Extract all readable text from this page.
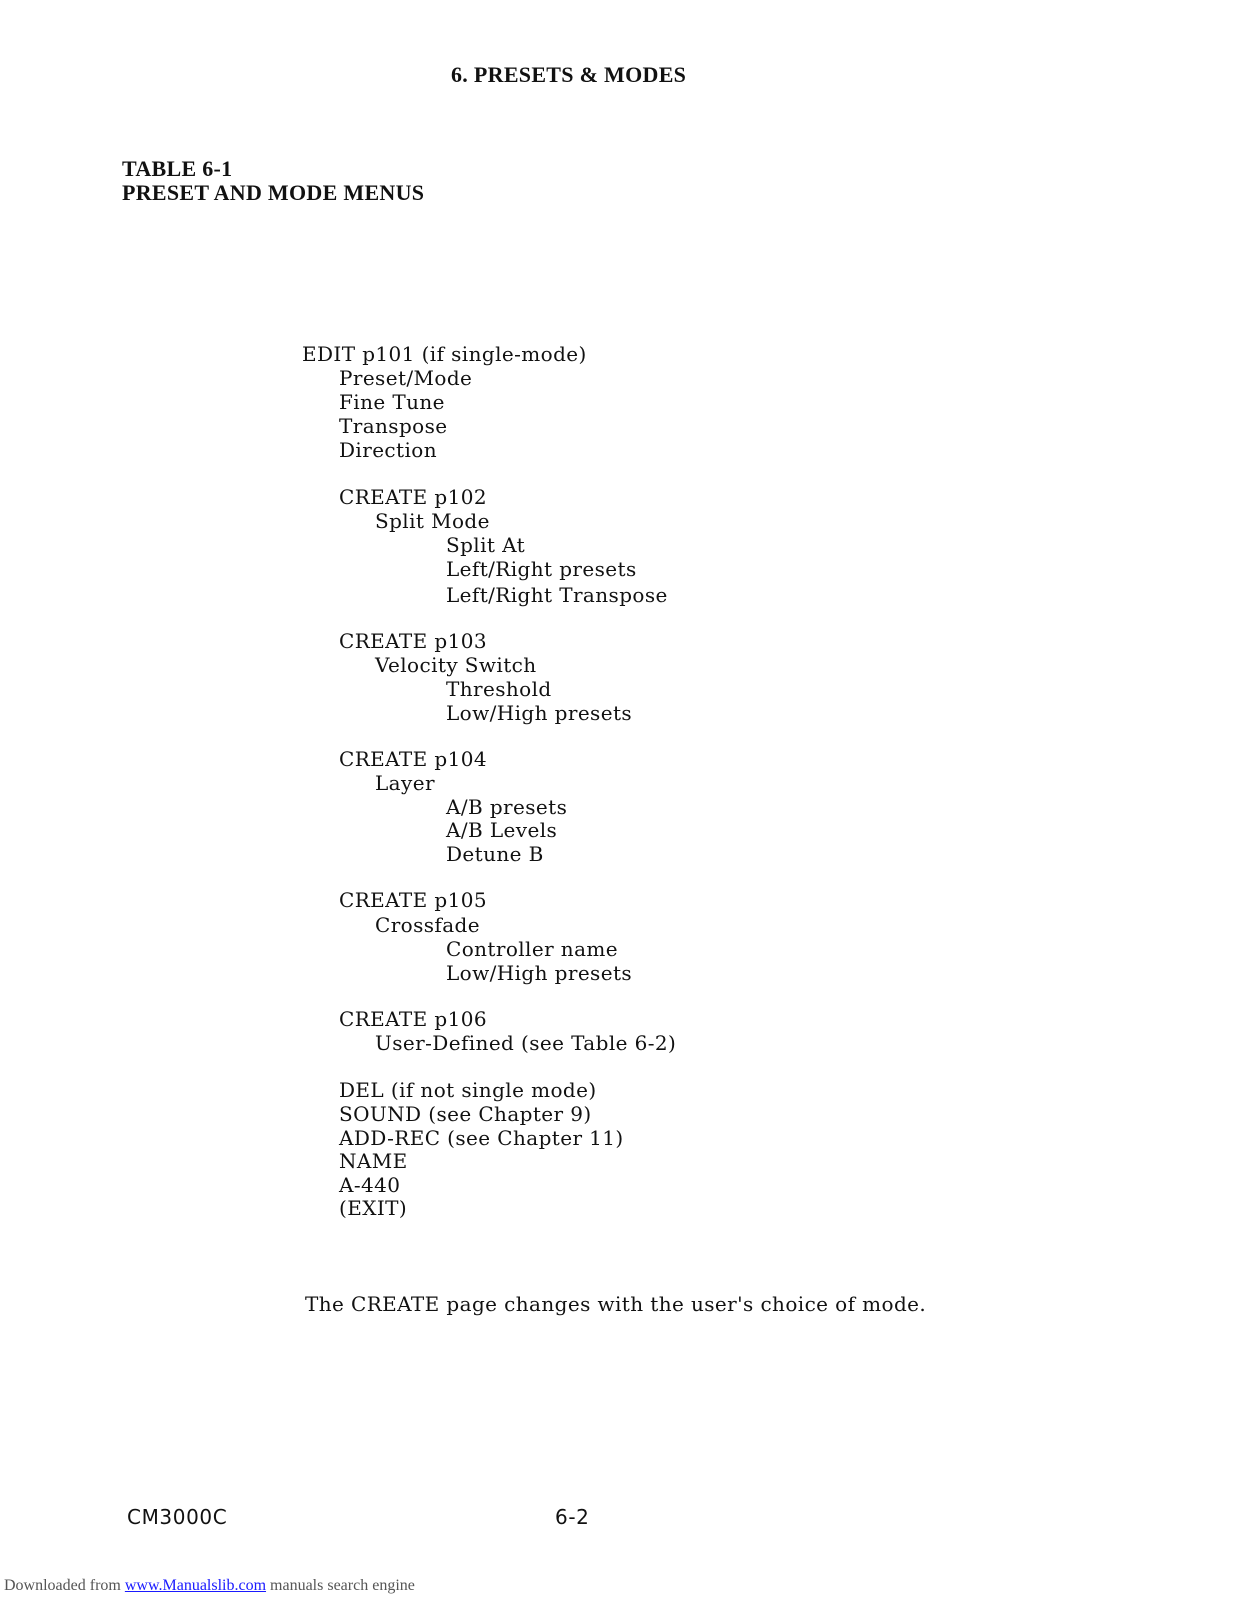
6. PRESETS & MODES
TABLE 6-1
PRESET AND MODE MENUS
EDIT p101 (if single-mode)
Preset/Mode
Fine Tune
Transpose
Direction
CREATE p102
Split Mode
Split At
Left/Right presets
Left/Right Transpose
CREATE p103
Velocity Switch
Threshold
Low/High presets
CREATE p104
Layer
A/B presets
A/B Levels
Detune B
CREATE p105
Crossfade
Controller name
Low/High presets
CREATE p106
User-Defined (see Table 6-2)
DEL (if not single mode)
SOUND (see Chapter 9)
ADD-REC (see Chapter 11)
NAME
A-440
(EXIT)
The CREATE page changes with the user's choice of mode.
CM3000C	6-2
Downloaded from www.Manualslib.com manuals search engine
